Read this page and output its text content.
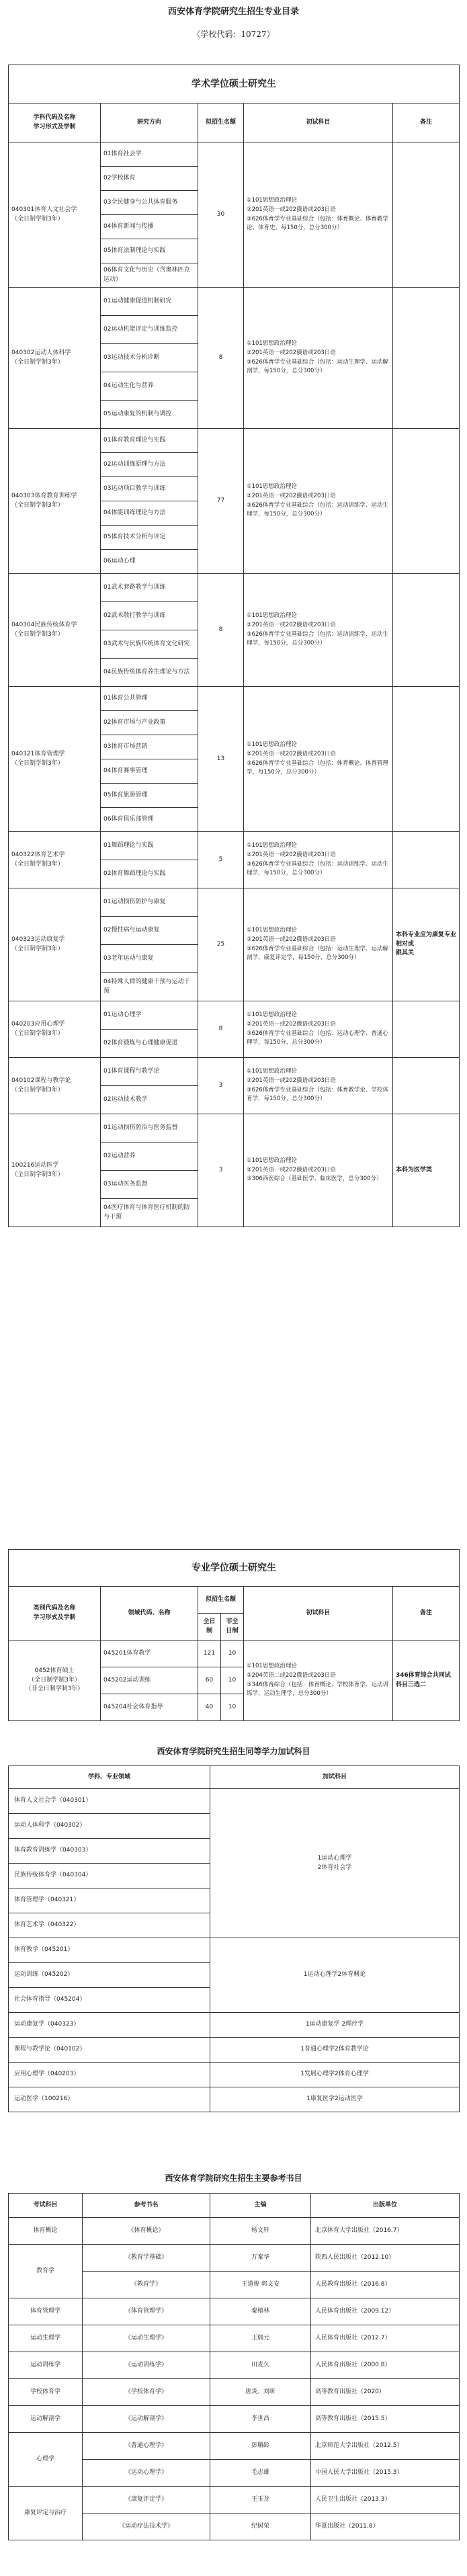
西安体育学院研究生招生专业目录
（学校代码：10727）
学术学位硕士研究生				
学科代码及名称
学习形式及学制	研究方向	拟招生名额	初试科目	备注
040301体育人文社会学
（全日制学制3年）	01体育社会学	30	①101思想政治理论
②201英语一或202俄语或203日语
③626体育学专业基础综合（包括：体育概论、体育教学论、体育史、每150分，总分300分）	
	02学校体育			
	03全民健身与公共体育服务			
	04体育新闻与传播			
	05体育法制理论与实践			
	06体育文化与历史（含奥林匹克运动）			
040302运动人体科学
（全日制学制3年）	01运动健康促进机制研究	8	①101思想政治理论
②201英语一或202俄语或203日语
③626体育学专业基础综合（包括：运动生理学、运动解剖学，每150分，总分300分）	
	02运动机能评定与训练监控			
	03运动技术分析诊断			
	04运动生化与营养			
	05运动康复的机制与调控			
040303体育教育训练学
（全日制学制3年）	01体育教育理论与实践	77	①101思想政治理论
②201英语一或202俄语或203日语
③626体育学专业基础综合（包括：运动训练学、运动生理学，每150分，总分300分）	
	02运动训练原理与方法			
	03运动项目教学与训练			
	04体能训练理论与方法			
	05体育技术分析与评定			
	06运动心理			
040304民族传统体育学
（全日制学制3年）	01武术套路教学与训练	8	①101思想政治理论
②201英语一或202俄语或203日语
③626体育学专业基础综合（包括：运动训练学、运动生理学，每150分，总分300分）	
	02武术散打教学与训练			
	03武术与民族传统体育文化研究			
	04民族传统体育养生理论与方法			
040321体育管理学
（全日制学制3年）	01体育公共管理	13	①101思想政治理论
②201英语一或202俄语或203日语
③626体育学专业基础综合（包括：体育概论、体育管理学，每150分，总分300分）	
	02体育市场与产业政策			
	03体育市场营销			
	04体育赛事管理			
	05体育旅游管理			
	06体育俱乐部管理			
040322体育艺术学
（全日制学制3年）	01舞蹈理论与实践	5	①101思想政治理论
②201英语一或202俄语或203日语
③626体育学专业基础综合（包括：运动训练学、运动生理学，每150分，总分300分）	
	02体育舞蹈理论与实践			
040323运动康复学
（全日制学制3年）	01运动损伤防护与康复	25	①101思想政治理论
②201英语一或202俄语或203日语
③626体育学专业基础综合（包括：运动生理学、运动解剖学、康复评定学，每150分，总分300分）	本科专业应为康复专业
相对或
跟其关
	02慢性病与运动康复			
	03老年运动与康复			
	04特殊人群的健康干预与运动干预			
040203应用心理学
（全日制学制3年）	01运动心理学	8	①101思想政治理论
②201英语一或202俄语或203日语
③626体育学专业基础综合（包括：运动心理学、普通心理学，每150分，总分300分）	
	02体育锻炼与心理健康促进			
040102课程与教学论
（全日制学制3年）	01体育课程与教学论	3	①101思想政治理论
②201英语一或202俄语或203日语
③626体育学专业基础综合（包括：体育教学论、学校体育学，每150分，总分300分）	
	02运动技术教学			
100216运动医学
（全日制学制3年）	01运动损伤防治与医务监督	3	①101思想政治理论
②201英语一或202俄语或203日语
③306西医综合（基础医学、临床医学，总分300分）	本科为医学类
	02运动营养			
	03运动医务监督			
	04医疗体育与体育医疗机制的防与干预			
专业学位硕士研究生					
类别代码及名称
学习形式及学制	领域代码、名称	拟招生名额		初试科目	备注
		全日制	非全日制		
0452体育硕士
（全日制学制3年）
（非全日制学制3年）	045201体育教学	121	10	①101思想政治理论
②204英语二或202俄语或203日语
③346体育综合（包括：体育概论、学校体育学、运动训练学、运动生理学，总分300分）	346体育综合共同试科目三选二
	045202运动训练	60	10		
	045204社会体育指导	40	10		
西安体育学院研究生招生同等学力加试科目
学科、专业领域	加试科目
体育人文社会学（040301）	1运动心理学
2体育社会学
运动人体科学（040302）	
体育教育训练学（040303）	
民族传统体育学（040304）	
体育管理学（040321）	
体育艺术学（040322）	
体育教学（045201）	1运动心理学2体育概论
运动训练（045202）	
社会体育指导（045204）	
运动康复学（040323）	1运动康复学 2理疗学
课程与教学论（040102）	1普通心理学2体育教学论
应用心理学（040203）	1发展心理学2体育心理学
运动医学（100216）	1康复医学2运动医学
西安体育学院研究生招生主要参考书目
考试科目	参考书名	主编	出版单位
体育概论	《体育概论》	杨文轩	北京体育大学出版社（2016.7）
教育学	《教育学基础》	万秦华	陕西人民出版社（2012.10）
	《教育学》	王道俊 郭文安	人民教育出版社（2016.8）
体育管理学	《体育管理学》	秦椿林	人民体育出版社（2009.12）
运动生理学	《运动生理学》	王瑞元	人民体育出版社（2012.7）
运动训练学	《运动训练学》	田麦久	人民体育出版社（2000.8）
学校体育学	《学校体育学》	唐炎、刘昕	高等教育出版社（2020）
运动解剖学	《运动解剖学》	李世昌	高等教育出版社（2015.5）
心理学	《普通心理学》	彭聃龄	北京师范大学出版社（2012.5）
	《运动心理学》	毛志雄	中国人民大学出版社（2015.3）
康复评定与治疗	《康复评定学》	王玉龙	人民卫生出版社（2013.3）
	《运动疗法技术学》	纪树荣	华夏出版社（2011.8）
